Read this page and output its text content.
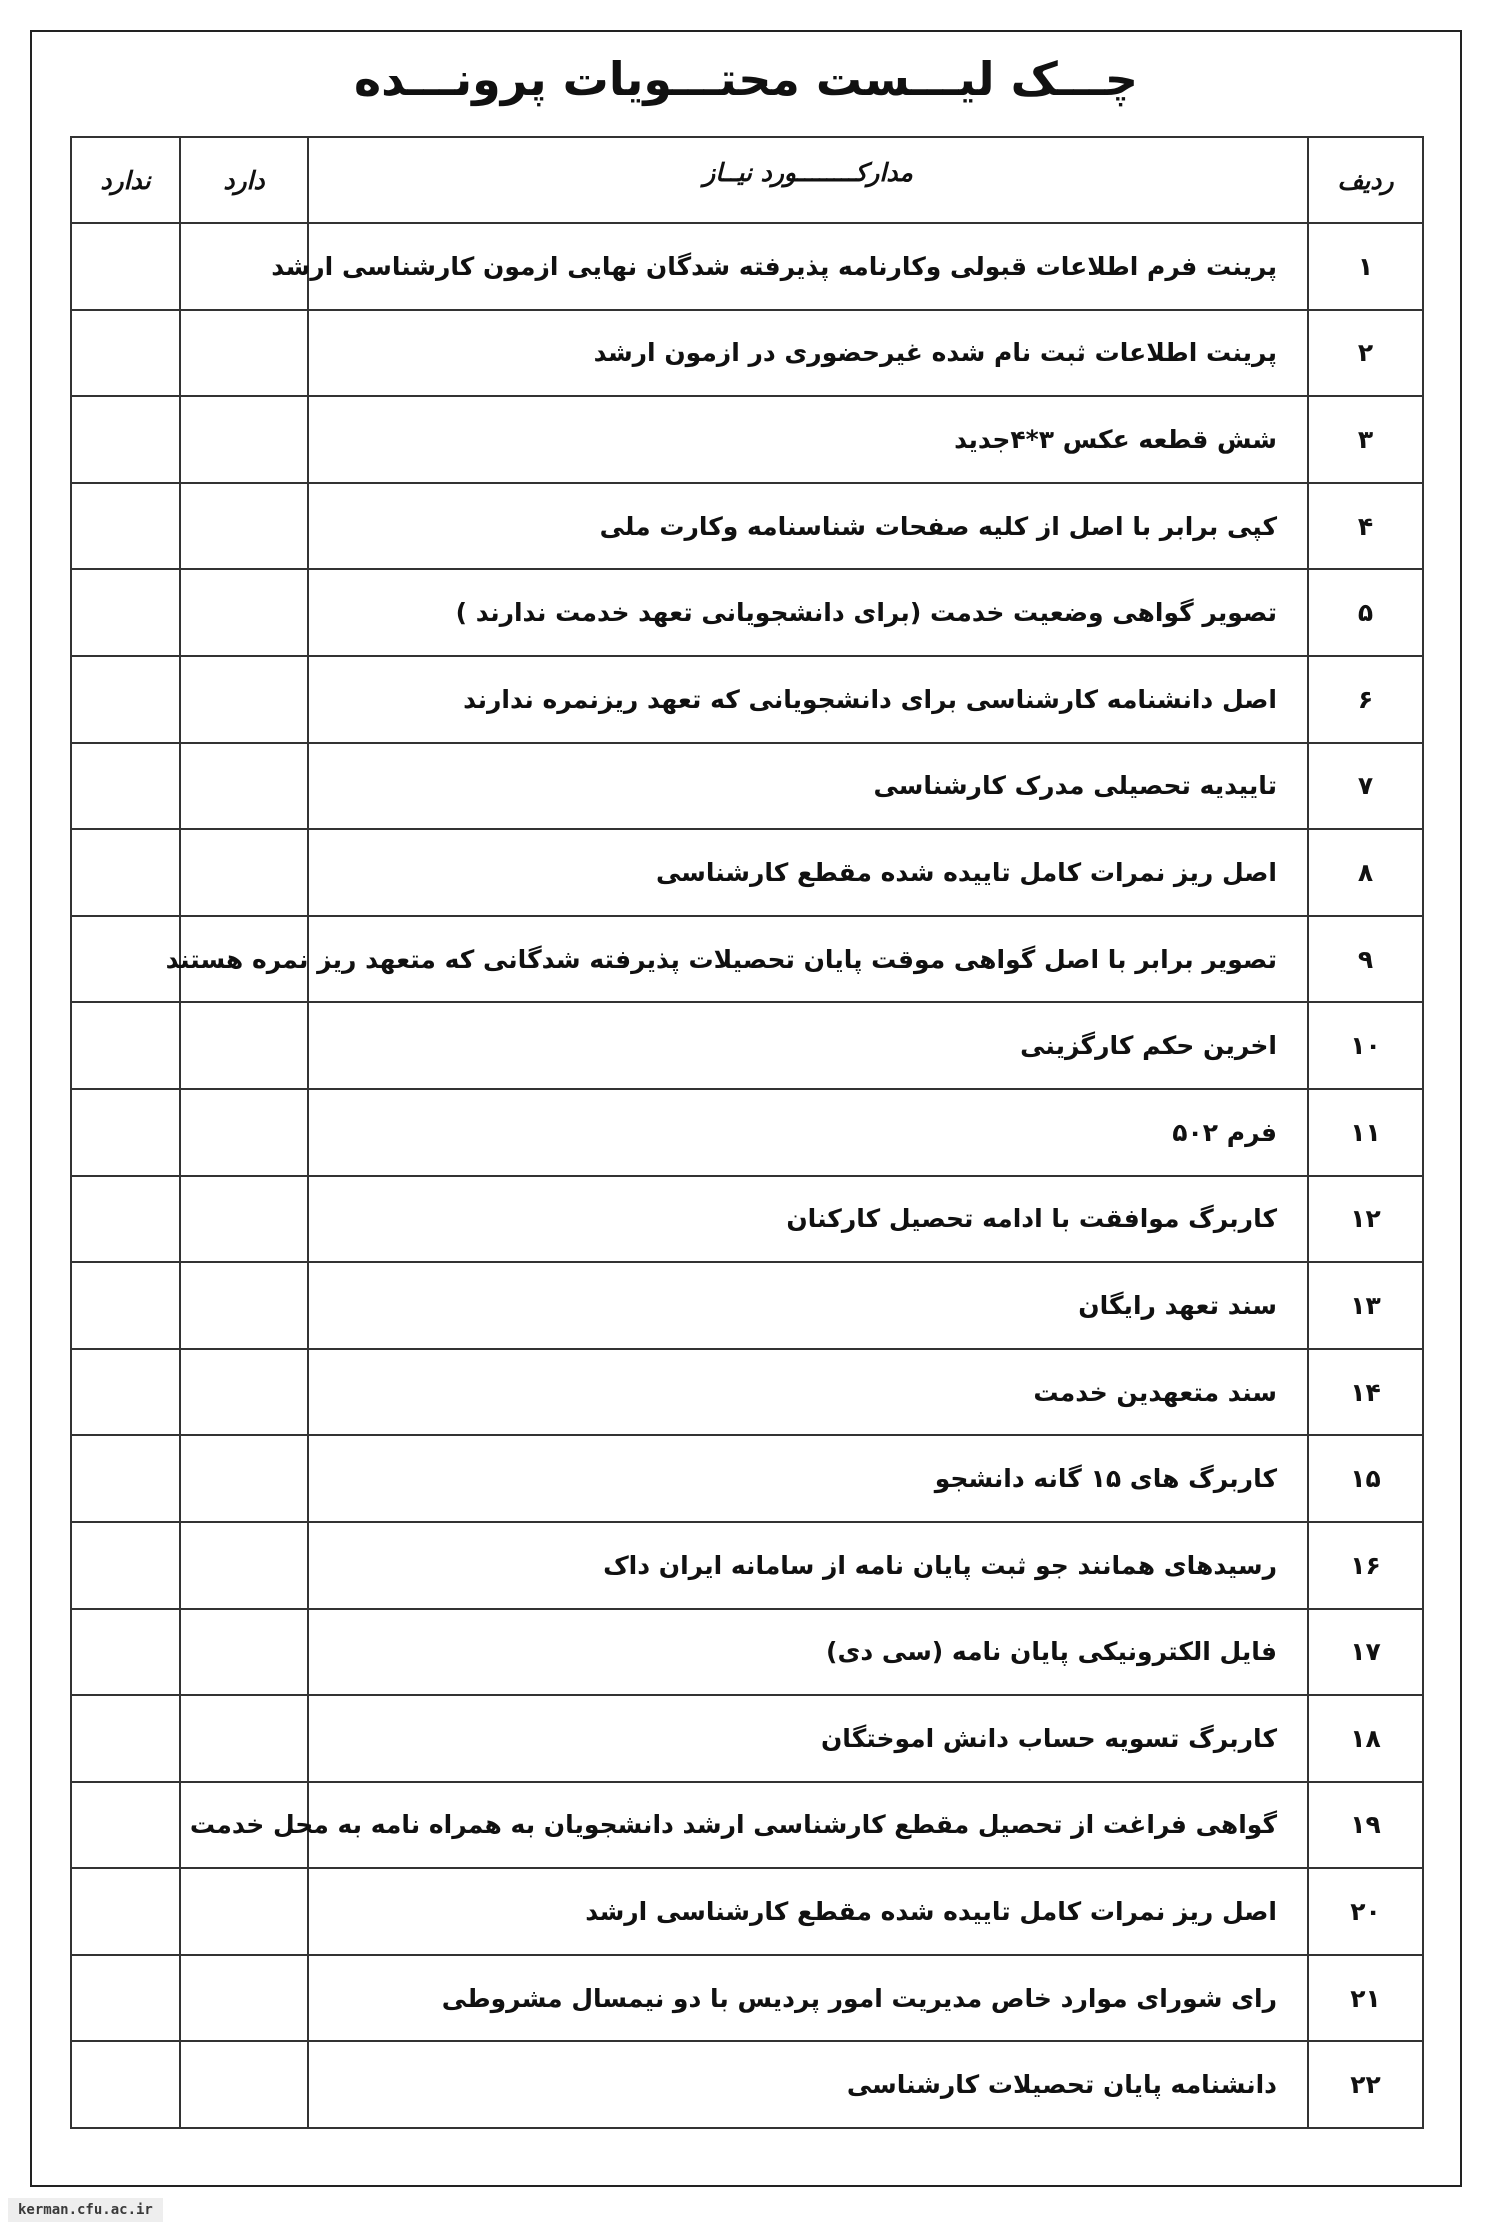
چـــک لیـــست محتـــویات پرونـــده
ردیف	مدارکــــــــورد نیــاز	دارد	ندارد
۱	پرینت فرم اطلاعات قبولی وکارنامه پذیرفته شدگان نهایی ازمون کارشناسی ارشد		
۲	پرینت اطلاعات ثبت نام شده غیرحضوری در ازمون ارشد		
۳	شش قطعه عکس ۳*۴جدید		
۴	کپی برابر با اصل از کلیه صفحات شناسنامه وکارت ملی		
۵	تصویر گواهی وضعیت خدمت (برای دانشجویانی تعهد خدمت ندارند )		
۶	اصل دانشنامه کارشناسی برای دانشجویانی که تعهد ریزنمره ندارند		
۷	تاییدیه تحصیلی مدرک کارشناسی		
۸	اصل ریز نمرات کامل تاییده شده مقطع کارشناسی		
۹	تصویر برابر با اصل گواهی موقت پایان تحصیلات پذیرفته شدگانی که متعهد ریز نمره هستند		
۱۰	اخرین حکم کارگزینی		
۱۱	فرم ۵۰۲		
۱۲	کاربرگ موافقت با ادامه تحصیل کارکنان		
۱۳	سند تعهد رایگان		
۱۴	سند متعهدین خدمت		
۱۵	کاربرگ های ۱۵ گانه دانشجو		
۱۶	رسیدهای همانند جو ثبت پایان نامه از سامانه ایران داک		
۱۷	فایل الکترونیکی پایان نامه (سی دی)		
۱۸	کاربرگ تسویه حساب دانش اموختگان		
۱۹	گواهی فراغت از تحصیل مقطع کارشناسی ارشد دانشجویان به همراه نامه به محل خدمت		
۲۰	اصل ریز نمرات کامل تاییده شده مقطع کارشناسی ارشد		
۲۱	رای شورای موارد خاص مدیریت امور پردیس با دو نیمسال مشروطی		
۲۲	دانشنامه پایان تحصیلات کارشناسی		
kerman.cfu.ac.ir
